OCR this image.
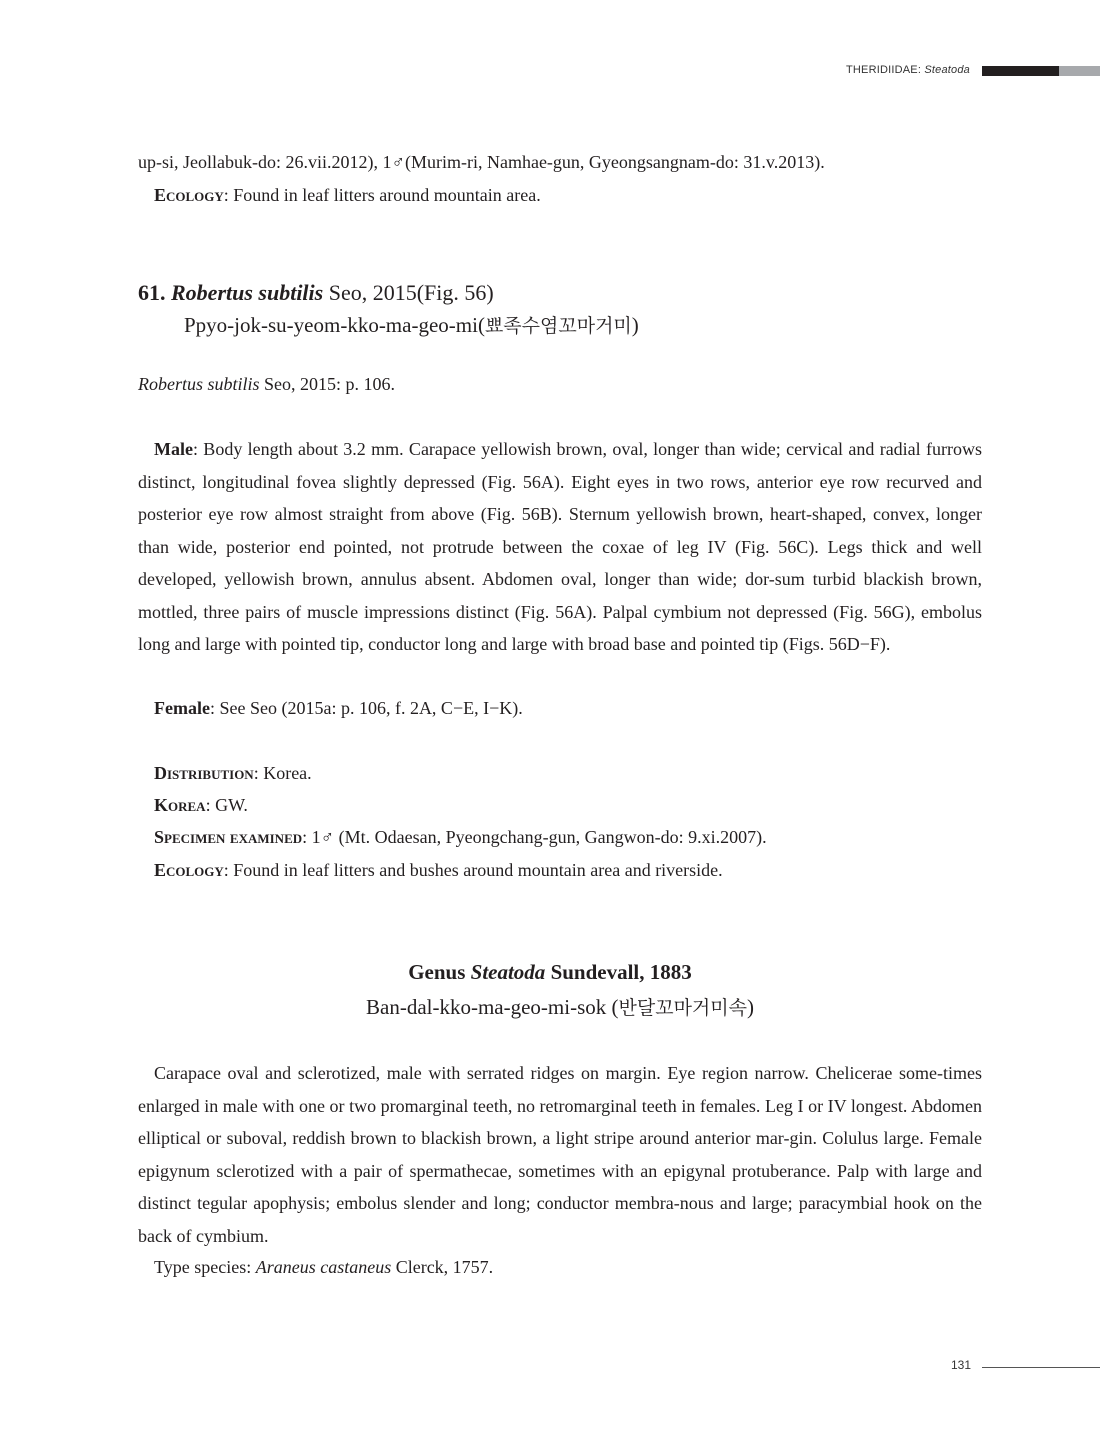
THERIDIIDAE: Steatoda

up-si, Jeollabuk-do: 26.vii.2012), 1♂(Murim-ri, Namhae-gun, Gyeongsangnam-do: 31.v.2013).

Ecology: Found in leaf litters around mountain area.

61. Robertus subtilis Seo, 2015(Fig. 56)
Ppyo-jok-su-yeom-kko-ma-geo-mi(뾰족수염꼬마거미)

Robertus subtilis Seo, 2015: p. 106.

Male: Body length about 3.2 mm. Carapace yellowish brown, oval, longer than wide; cervical and radial furrows distinct, longitudinal fovea slightly depressed (Fig. 56A). Eight eyes in two rows, anterior eye row recurved and posterior eye row almost straight from above (Fig. 56B). Sternum yellowish brown, heart-shaped, convex, longer than wide, posterior end pointed, not protrude between the coxae of leg IV (Fig. 56C). Legs thick and well developed, yellowish brown, annulus absent. Abdomen oval, longer than wide; dor-sum turbid blackish brown, mottled, three pairs of muscle impressions distinct (Fig. 56A). Palpal cymbium not depressed (Fig. 56G), embolus long and large with pointed tip, conductor long and large with broad base and pointed tip (Figs. 56D−F).

Female: See Seo (2015a: p. 106, f. 2A, C−E, I−K).

Distribution: Korea.

Korea: GW.

Specimen examined: 1♂ (Mt. Odaesan, Pyeongchang-gun, Gangwon-do: 9.xi.2007).

Ecology: Found in leaf litters and bushes around mountain area and riverside.

Genus Steatoda Sundevall, 1883
Ban-dal-kko-ma-geo-mi-sok (반달꼬마거미속)

Carapace oval and sclerotized, male with serrated ridges on margin. Eye region narrow. Chelicerae some-times enlarged in male with one or two promarginal teeth, no retromarginal teeth in females. Leg I or IV longest. Abdomen elliptical or suboval, reddish brown to blackish brown, a light stripe around anterior mar-gin. Colulus large. Female epigynum sclerotized with a pair of spermathecae, sometimes with an epigynal protuberance. Palp with large and distinct tegular apophysis; embolus slender and long; conductor membra-nous and large; paracymbial hook on the back of cymbium.

Type species: Araneus castaneus Clerck, 1757.

131
